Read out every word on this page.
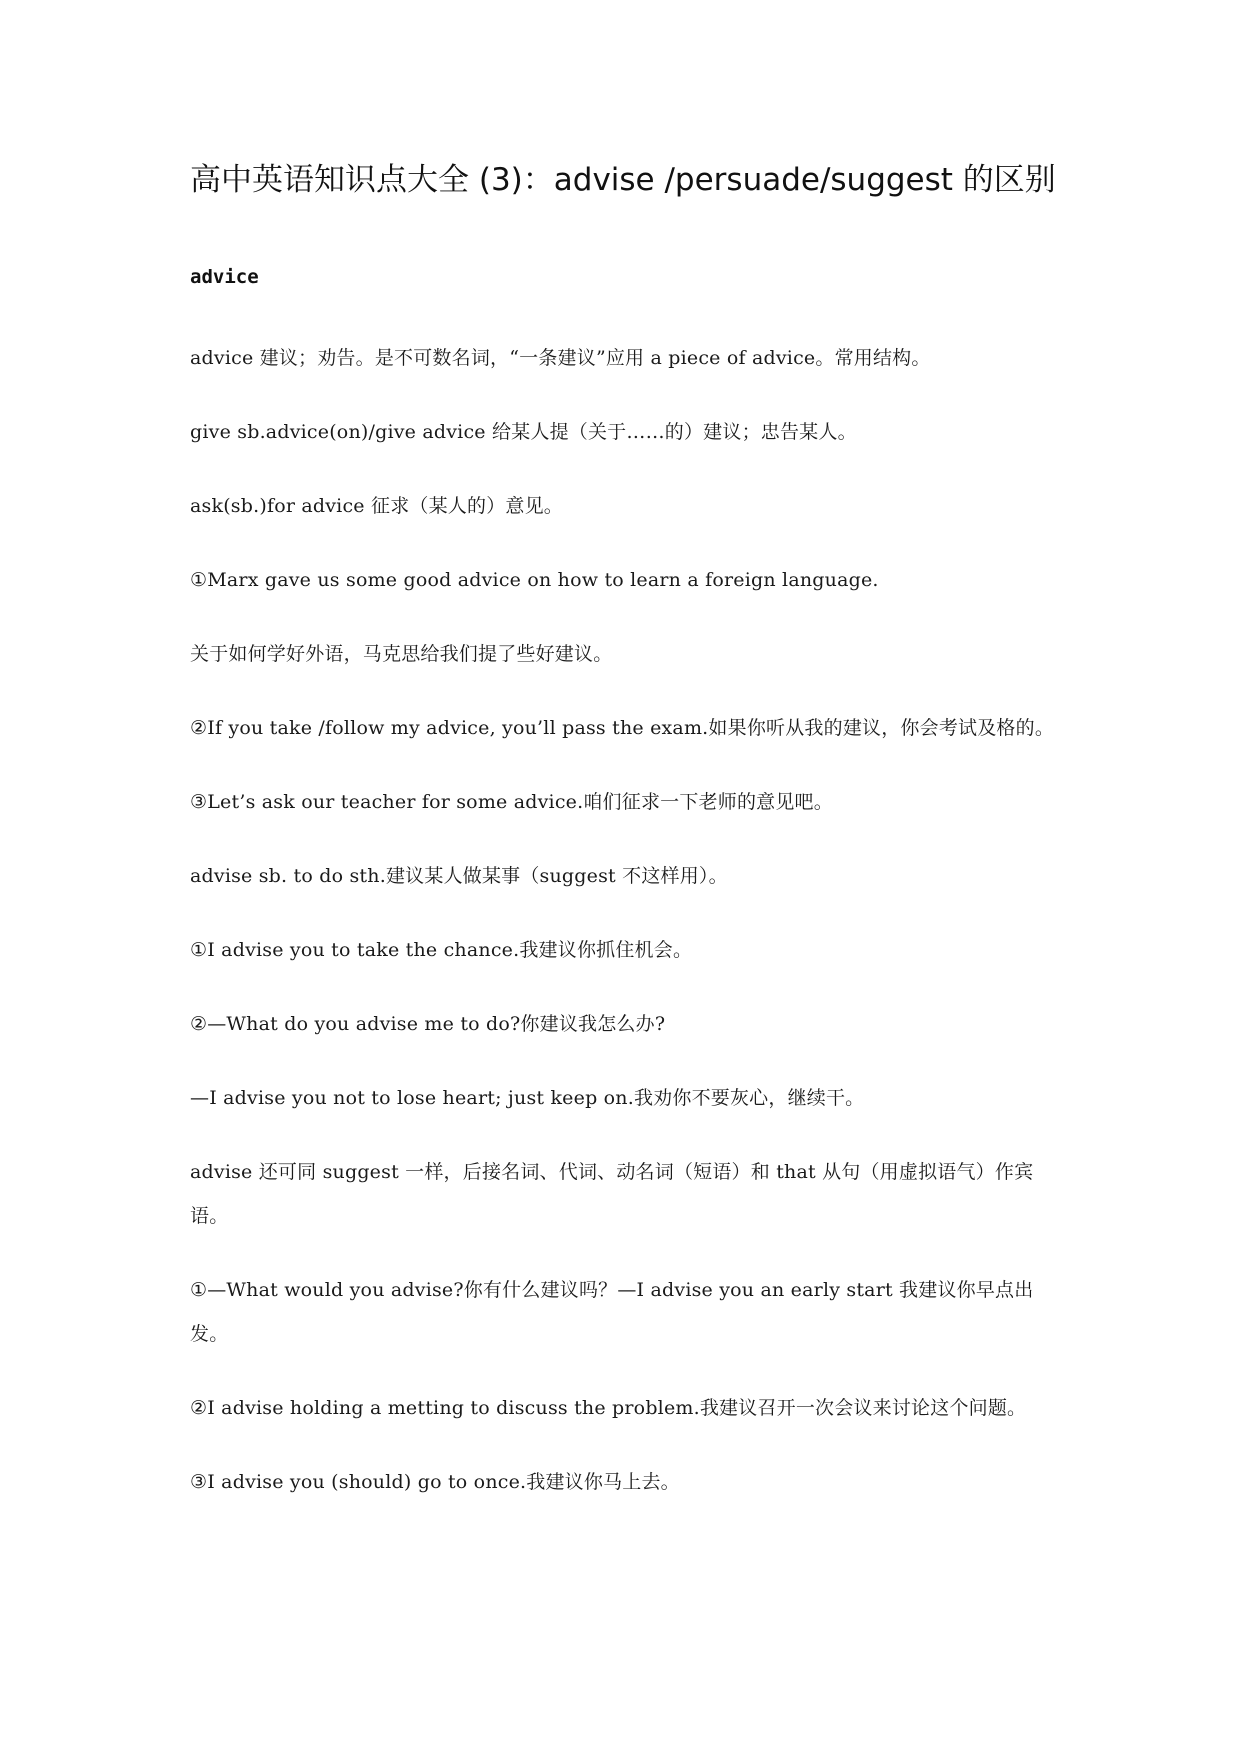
高中英语知识点大全 (3)：advise /persuade/suggest 的区别
advice

advice 建议；劝告。是不可数名词，“一条建议”应用 a piece of advice。常用结构。

give sb.advice(on)/give advice 给某人提（关于……的）建议；忠告某人。

ask(sb.)for advice 征求（某人的）意见。

①Marx gave us some good advice on how to learn a foreign language.

关于如何学好外语，马克思给我们提了些好建议。

②If you take /follow my advice, you’ll pass the exam.如果你听从我的建议，你会考试及格的。

③Let’s ask our teacher for some advice.咱们征求一下老师的意见吧。

advise sb. to do sth.建议某人做某事（suggest 不这样用）。

①I advise you to take the chance.我建议你抓住机会。

②—What do you advise me to do?你建议我怎么办?

—I advise you not to lose heart; just keep on.我劝你不要灰心，继续干。

advise 还可同 suggest 一样，后接名词、代词、动名词（短语）和 that 从句（用虚拟语气）作宾语。

①—What would you advise?你有什么建议吗？—I advise you an early start 我建议你早点出发。

②I advise holding a metting to discuss the problem.我建议召开一次会议来讨论这个问题。

③I advise you (should) go to once.我建议你马上去。
